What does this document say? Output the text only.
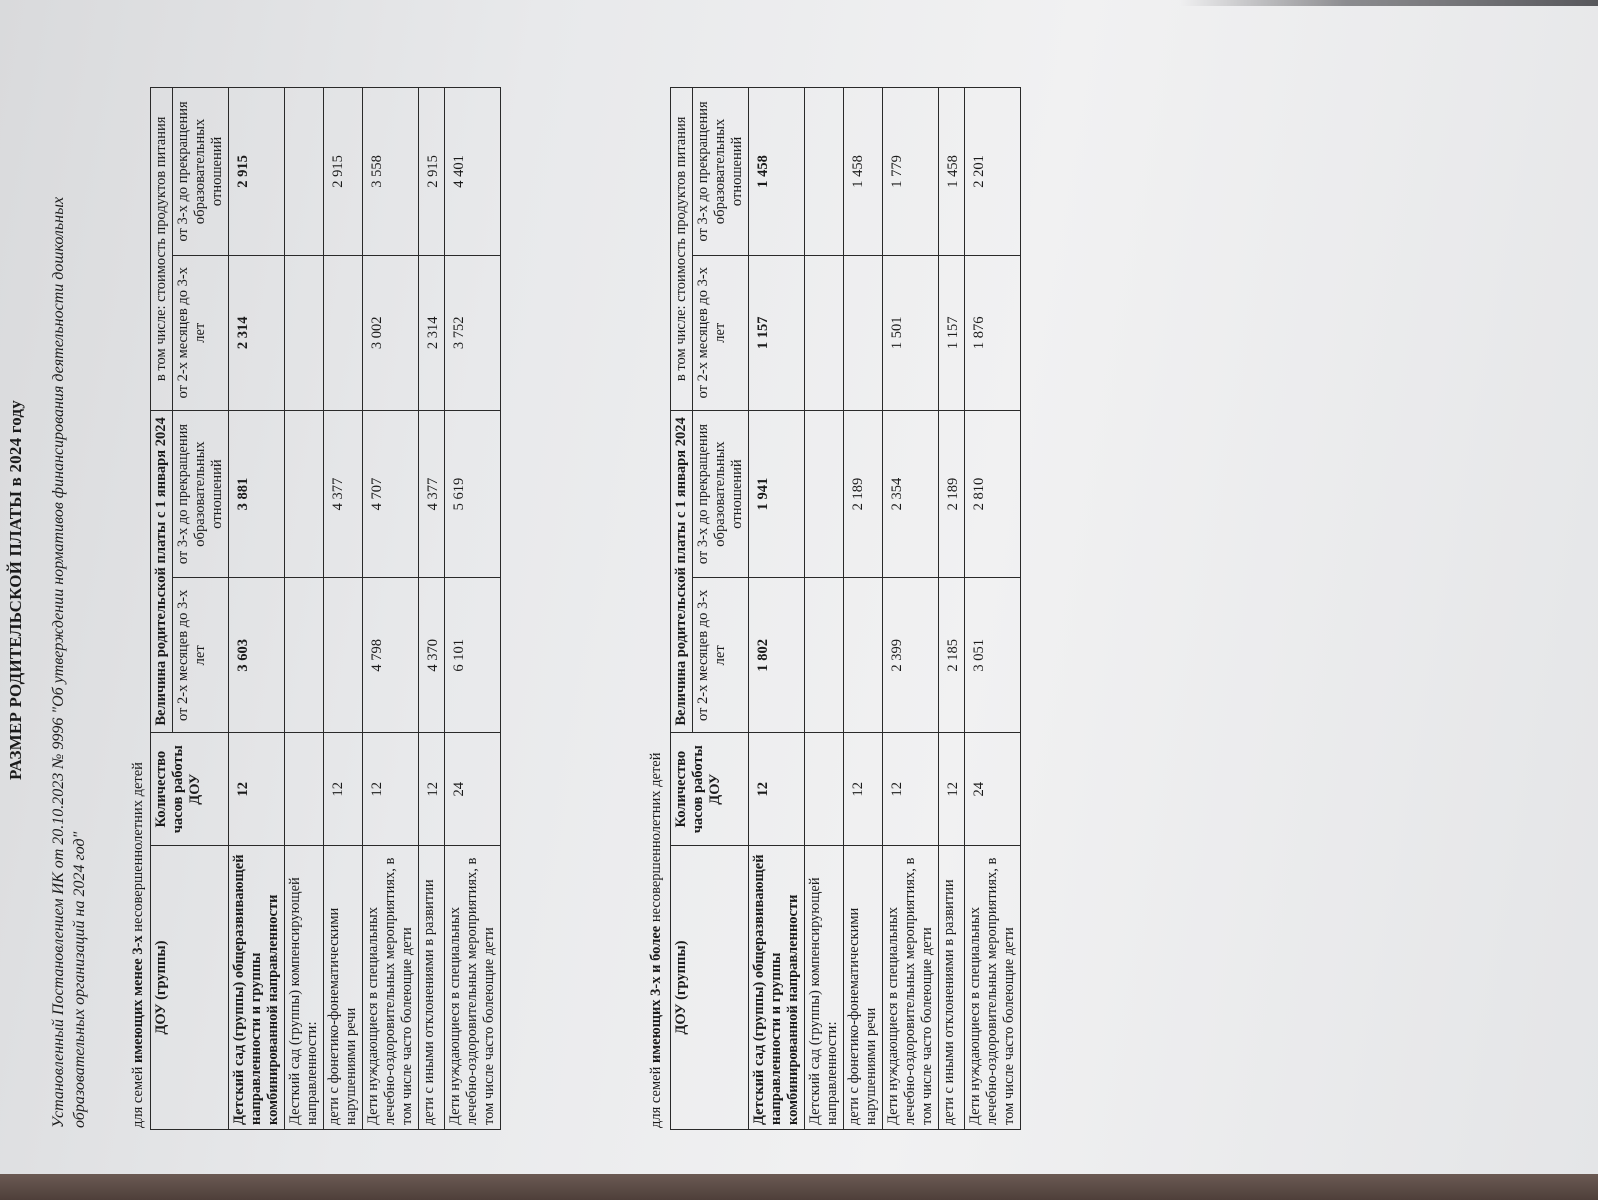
РАЗМЕР РОДИТЕЛЬСКОЙ ПЛАТЫ в 2024 году Установленный Постановлением ИК от 20.10.2023 № 9996 "Об утверждении нормативов финансирования деятельности дошкольных образовательных организаций на 2024 год"	для семей имеющих менее 3-х несовершеннолетних детей
ДОУ (группы)	Количество часов работы ДОУ	Величина родительской платы с 1 января 2024		в том числе: стоимость продуктов питания	
		от 2-х месяцев до 3-х лет	от 3-х до прекращения образовательных отношений	от 2-х месяцев до 3-х лет	от 3-х до прекращения образовательных отношений
Детский сад (группы) общеразвивающей направленности и группы комбинированной направленности	12	3 603	3 881	2 314	2 915
Десткий сад (группы) компенсирующей направленности:					
дети с фонетико-фонематическими нарушениями речи	12		4 377		2 915
Дети нуждающиеся в специальных лечебно-оздоровительных мероприятиях, в том числе часто болеющие дети	12	4 798	4 707	3 002	3 558
дети с иными отклонениями в развитии	12	4 370	4 377	2 314	2 915
Дети нуждающиеся в специальных лечебно-оздоровительных мероприятиях, в том числе часто болеющие дети	24	6 101	5 619	3 752	4 401
для семей имеющих 3-х и более несовершеннолетних детей
ДОУ (группы)	Количество часов работы ДОУ	Величина родительской платы с 1 января 2024		в том числе: стоимость продуктов питания	
		от 2-х месяцев до 3-х лет	от 3-х до прекращения образовательных отношений	от 2-х месяцев до 3-х лет	от 3-х до прекращения образовательных отношений
Детский сад (группы) общеразвивающей направленности и группы комбинированной направленности	12	1 802	1 941	1 157	1 458
Детский сад (группы) компенсирующей направленности:					
дети с фонетико-фонематическими нарушениями речи	12		2 189		1 458
Дети нуждающиеся в специальных лечебно-оздоровительных мероприятиях, в том числе часто болеющие дети	12	2 399	2 354	1 501	1 779
дети с иными отклонениями в развитии	12	2 185	2 189	1 157	1 458
Дети нуждающиеся в специальных лечебно-оздоровительных мероприятиях, в том числе часто болеющие дети	24	3 051	2 810	1 876	2 201
